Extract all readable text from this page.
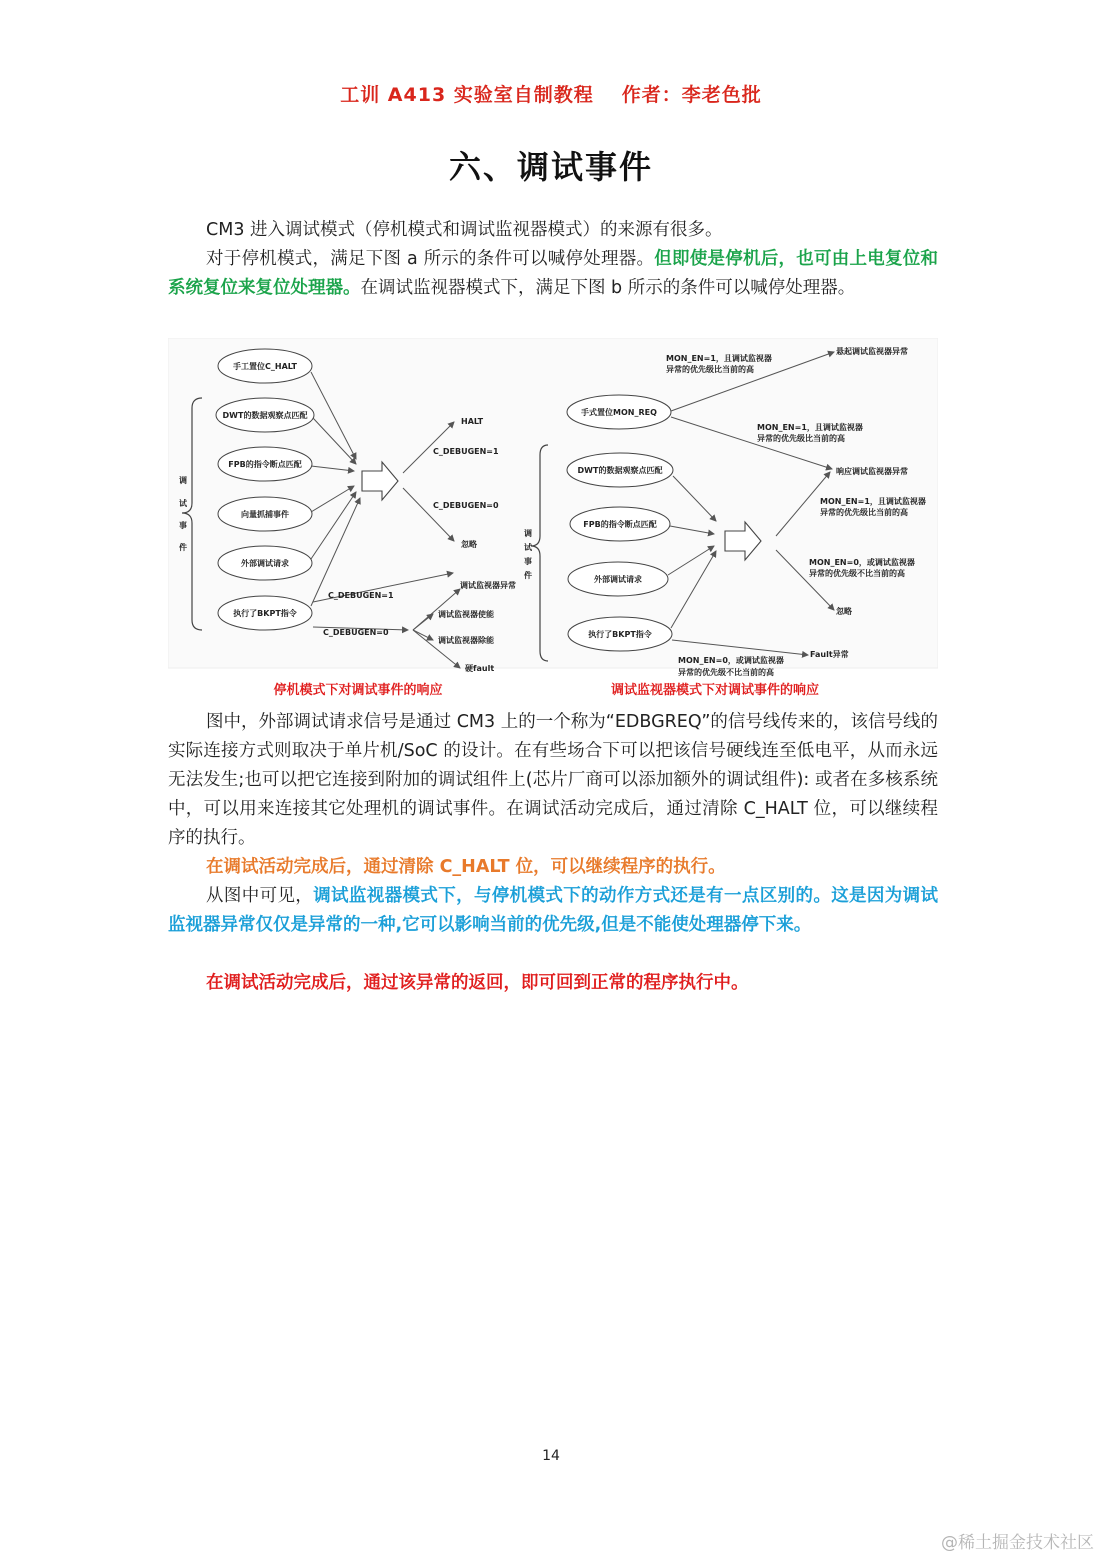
工训 A413 实验室自制教程 作者：李老色批
六、调试事件
CM3 进入调试模式（停机模式和调试监视器模式）的来源有很多。
对于停机模式，满足下图 a 所示的条件可以喊停处理器。但即使是停机后，也可由上电复位和系统复位来复位处理器。在调试监视器模式下，满足下图 b 所示的条件可以喊停处理器。
调
试
事
件
手工置位C_HALT
DWT的数据观察点匹配
FPB的指令断点匹配
向量抓捕事件
外部调试请求
执行了BKPT指令
HALT
C_DEBUGEN=1
C_DEBUGEN=0
忽略
C_DEBUGEN=1
C_DEBUGEN=0
调试监视器异常
调试监视器使能
调试监视器除能
硬fault
调
试
事
件
手式置位MON_REQ
DWT的数据观察点匹配
FPB的指令断点匹配
外部调试请求
执行了BKPT指令
MON_EN=1，且调试监视器
异常的优先级比当前的高
悬起调试监视器异常
MON_EN=1，且调试监视器
异常的优先级比当前的高
响应调试监视器异常
MON_EN=1，且调试监视器
异常的优先级比当前的高
MON_EN=0，或调试监视器
异常的优先级不比当前的高
忽略
Fault异常
MON_EN=0，或调试监视器
异常的优先级不比当前的高
停机模式下对调试事件的响应	调试监视器模式下对调试事件的响应
图中，外部调试请求信号是通过 CM3 上的一个称为“EDBGREQ”的信号线传来的，该信号线的实际连接方式则取决于单片机/SoC 的设计。在有些场合下可以把该信号硬线连至低电平，从而永远无法发生;也可以把它连接到附加的调试组件上(芯片厂商可以添加额外的调试组件): 或者在多核系统中，可以用来连接其它处理机的调试事件。在调试活动完成后，通过清除 C_HALT 位，可以继续程序的执行。
在调试活动完成后，通过清除 C_HALT 位，可以继续程序的执行。
从图中可见，调试监视器模式下，与停机模式下的动作方式还是有一点区别的。这是因为调试监视器异常仅仅是异常的一种,它可以影响当前的优先级,但是不能使处理器停下来。
在调试活动完成后，通过该异常的返回，即可回到正常的程序执行中。
14
@稀土掘金技术社区
